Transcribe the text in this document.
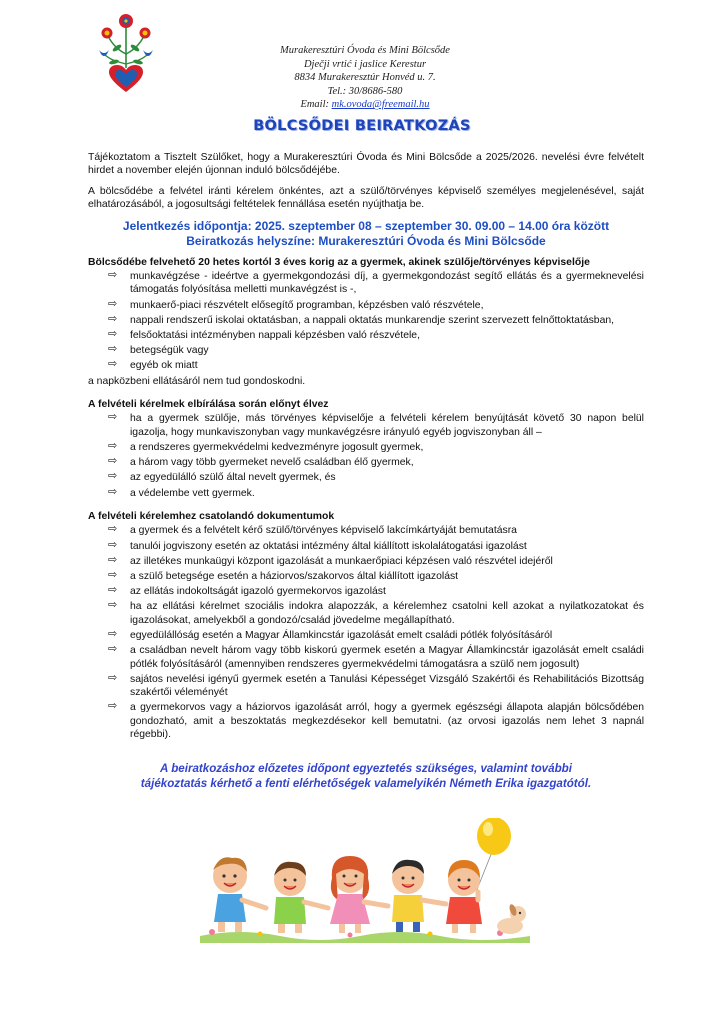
Murakeresztúri Óvoda és Mini Bölcsőde
Dječji vrtić i jaslice Kerestur
8834 Murakeresztúr Honvéd u. 7.
Tel.: 30/8686-580
Email: mk.ovoda@freemail.hu
BÖLCSŐDEI BEIRATKOZÁS

Tájékoztatom a Tisztelt Szülőket, hogy a Murakeresztúri Óvoda és Mini Bölcsőde a 2025/2026. nevelési évre felvételt hirdet a november elején újonnan induló bölcsődéjébe.

A bölcsődébe a felvétel iránti kérelem önkéntes, azt a szülő/törvényes képviselő személyes megjelenésével, saját elhatározásából, a jogosultsági feltételek fennállása esetén nyújthatja be.

Jelentkezés időpontja: 2025. szeptember 08 – szeptember 30. 09.00 – 14.00 óra között
Beiratkozás helyszíne: Murakeresztúri Óvoda és Mini Bölcsőde

Bölcsődébe felvehető 20 hetes kortól 3 éves korig az a gyermek, akinek szülője/törvényes képviselője

⇨ munkavégzése - ideértve a gyermekgondozási díj, a gyermekgondozást segítő ellátás és a gyermeknevelési támogatás folyósítása melletti munkavégzést is -,
⇨ munkaerő-piaci részvételt elősegítő programban, képzésben való részvétele,
⇨ nappali rendszerű iskolai oktatásban, a nappali oktatás munkarendje szerint szervezett felnőttoktatásban,
⇨ felsőoktatási intézményben nappali képzésben való részvétele,
⇨ betegségük vagy
⇨ egyéb ok miatt

a napközbeni ellátásáról nem tud gondoskodni.

A felvételi kérelmek elbírálása során előnyt élvez

⇨ ha a gyermek szülője, más törvényes képviselője a felvételi kérelem benyújtását követő 30 napon belül igazolja, hogy munkaviszonyban vagy munkavégzésre irányuló egyéb jogviszonyban áll –
⇨ a rendszeres gyermekvédelmi kedvezményre jogosult gyermek,
⇨ a három vagy több gyermeket nevelő családban élő gyermek,
⇨ az egyedülálló szülő által nevelt gyermek, és
⇨ a védelembe vett gyermek.

A felvételi kérelemhez csatolandó dokumentumok

⇨ a gyermek és a felvételt kérő szülő/törvényes képviselő lakcímkártyáját bemutatásra
⇨ tanulói jogviszony esetén az oktatási intézmény által kiállított iskolalátogatási igazolást
⇨ az illetékes munkaügyi központ igazolását a munkaerőpiaci képzésen való részvétel idejéről
⇨ a szülő betegsége esetén a háziorvos/szakorvos által kiállított igazolást
⇨ az ellátás indokoltságát igazoló gyermekorvos igazolást
⇨ ha az ellátási kérelmet szociális indokra alapozzák, a kérelemhez csatolni kell azokat a nyilatkozatokat és igazolásokat, amelyekből a gondozó/család jövedelme megállapítható.
⇨ egyedülállóság esetén a Magyar Államkincstár igazolását emelt családi pótlék folyósításáról
⇨ a családban nevelt három vagy több kiskorú gyermek esetén a Magyar Államkincstár igazolását emelt családi pótlék folyósításáról (amennyiben rendszeres gyermekvédelmi támogatásra a szülő nem jogosult)
⇨ sajátos nevelési igényű gyermek esetén a Tanulási Képességet Vizsgáló Szakértői és Rehabilitációs Bizottság szakértői véleményét
⇨ a gyermekorvos vagy a háziorvos igazolását arról, hogy a gyermek egészségi állapota alapján bölcsődében gondozható, amit a beszoktatás megkezdésekor kell bemutatni. (az orvosi igazolás nem lehet 3 napnál régebbi).
A beiratkozáshoz előzetes időpont egyeztetés szükséges, valamint további
tájékoztatás kérhető a fenti elérhetőségek valamelyikén Németh Erika igazgatótól.
